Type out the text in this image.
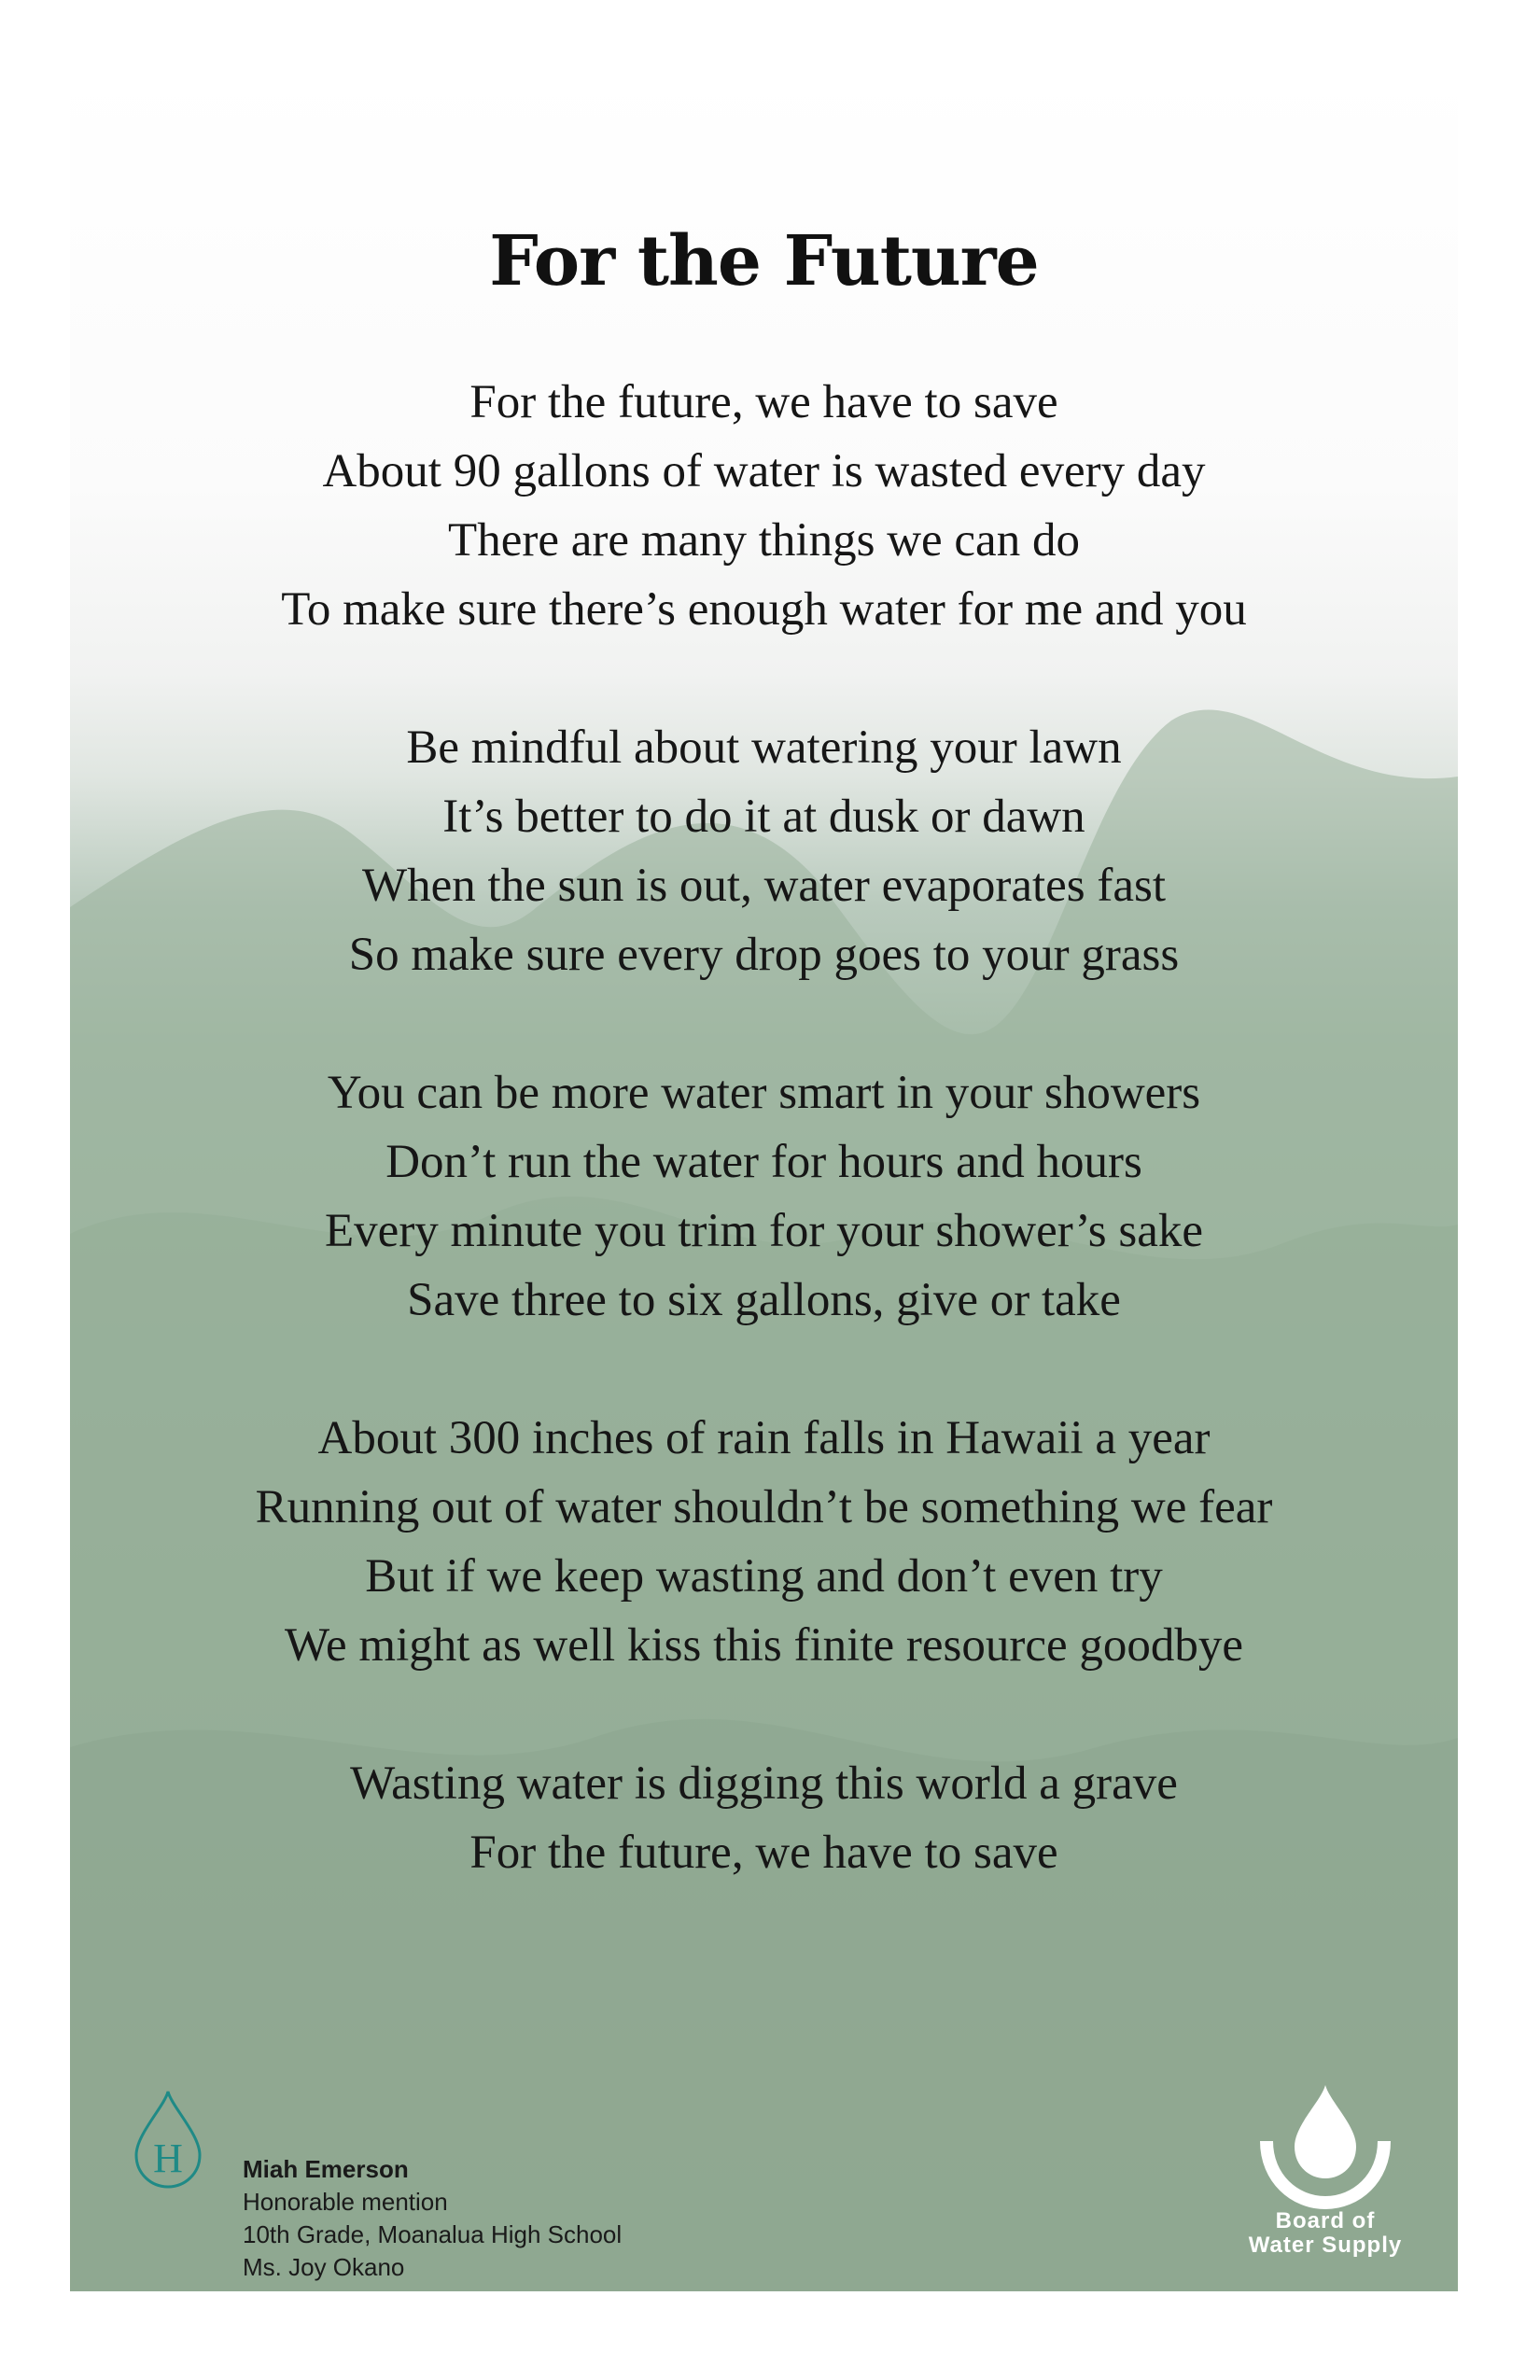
For the Future
For the future, we have to save
About 90 gallons of water is wasted every day
There are many things we can do
To make sure there’s enough water for me and you
Be mindful about watering your lawn
It’s better to do it at dusk or dawn
When the sun is out, water evaporates fast
So make sure every drop goes to your grass
You can be more water smart in your showers
Don’t run the water for hours and hours
Every minute you trim for your shower’s sake
Save three to six gallons, give or take
About 300 inches of rain falls in Hawaii a year
Running out of water shouldn’t be something we fear
But if we keep wasting and don’t even try
We might as well kiss this finite resource goodbye
Wasting water is digging this world a grave
For the future, we have to save
H Miah Emerson
Honorable mention
10th Grade, Moanalua High School
Ms. Joy Okano
Board of
Water Supply
